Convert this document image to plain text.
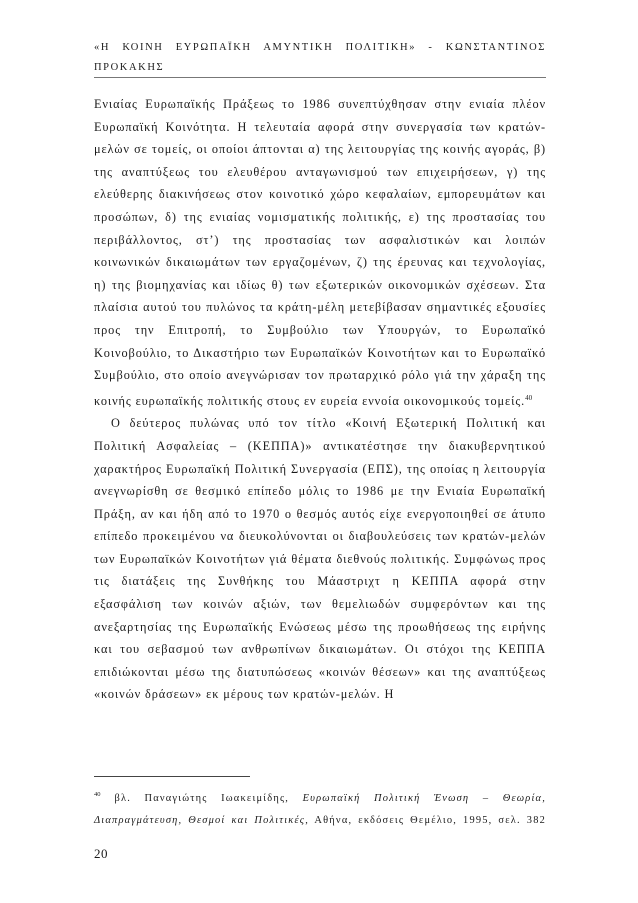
«Η ΚΟΙΝΗ ΕΥΡΩΠΑΪΚΗ ΑΜΥΝΤΙΚΗ ΠΟΛΙΤΙΚΗ» - ΚΩΝΣΤΑΝΤΙΝΟΣ
ΠΡΟΚΑΚΗΣ

Ενιαίας Ευρωπαϊκής Πράξεως το 1986 συνεπτύχθησαν στην ενιαία πλέον Ευρωπαϊκή Κοινότητα. Η τελευταία αφορά στην συνεργασία των κρατών-μελών σε τομείς, οι οποίοι άπτονται α) της λειτουργίας της κοινής αγοράς, β) της αναπτύξεως του ελευθέρου ανταγωνισμού των επιχειρήσεων, γ) της ελεύθερης διακινήσεως στον κοινοτικό χώρο κεφαλαίων, εμπορευμάτων και προσώπων, δ) της ενιαίας νομισματικής πολιτικής, ε) της προστασίας του περιβάλλοντος, στ’) της προστασίας των ασφαλιστικών και λοιπών κοινωνικών δικαιωμάτων των εργαζομένων, ζ) της έρευνας και τεχνολογίας, η) της βιομηχανίας και ιδίως θ) των εξωτερικών οικονομικών σχέσεων. Στα πλαίσια αυτού του πυλώνος τα κράτη-μέλη μετεβίβασαν σημαντικές εξουσίες προς την Επιτροπή, το Συμβούλιο των Υπουργών, το Ευρωπαϊκό Κοινοβούλιο, το Δικαστήριο των Ευρωπαϊκών Κοινοτήτων και το Ευρωπαϊκό Συμβούλιο, στο οποίο ανεγνώρισαν τον πρωταρχικό ρόλο γιά την χάραξη της κοινής ευρωπαϊκής πολιτικής στους εν ευρεία εννοία οικονομικούς τομείς.$^{40}$

Ο δεύτερος πυλώνας υπό τον τίτλο «Κοινή Εξωτερική Πολιτική και Πολιτική Ασφαλείας – (ΚΕΠΠΑ)» αντικατέστησε την διακυβερνητικού χαρακτήρος Ευρωπαϊκή Πολιτική Συνεργασία (ΕΠΣ), της οποίας η λειτουργία ανεγνωρίσθη σε θεσμικό επίπεδο μόλις το 1986 με την Ενιαία Ευρωπαϊκή Πράξη, αν και ήδη από το 1970 ο θεσμός αυτός είχε ενεργοποιηθεί σε άτυπο επίπεδο προκειμένου να διευκολύνονται οι διαβουλεύσεις των κρατών-μελών των Ευρωπαϊκών Κοινοτήτων γιά θέματα διεθνούς πολιτικής. Συμφώνως προς τις διατάξεις της Συνθήκης του Μάαστριχτ η ΚΕΠΠΑ αφορά στην εξασφάλιση των κοινών αξιών, των θεμελιωδών συμφερόντων και της ανεξαρτησίας της Ευρωπαϊκής Ενώσεως μέσω της προωθήσεως της ειρήνης και του σεβασμού των ανθρωπίνων δικαιωμάτων. Οι στόχοι της ΚΕΠΠΑ επιδιώκονται μέσω της διατυπώσεως «κοινών θέσεων» και της αναπτύξεως «κοινών δράσεων» εκ μέρους των κρατών-μελών. Η

$^{40}$ βλ. Παναγιώτης Ιωακειμίδης, Ευρωπαϊκή Πολιτική Ένωση – Θεωρία, Διαπραγμάτευση, Θεσμοί και Πολιτικές, Αθήνα, εκδόσεις Θεμέλιο, 1995, σελ. 382
20
